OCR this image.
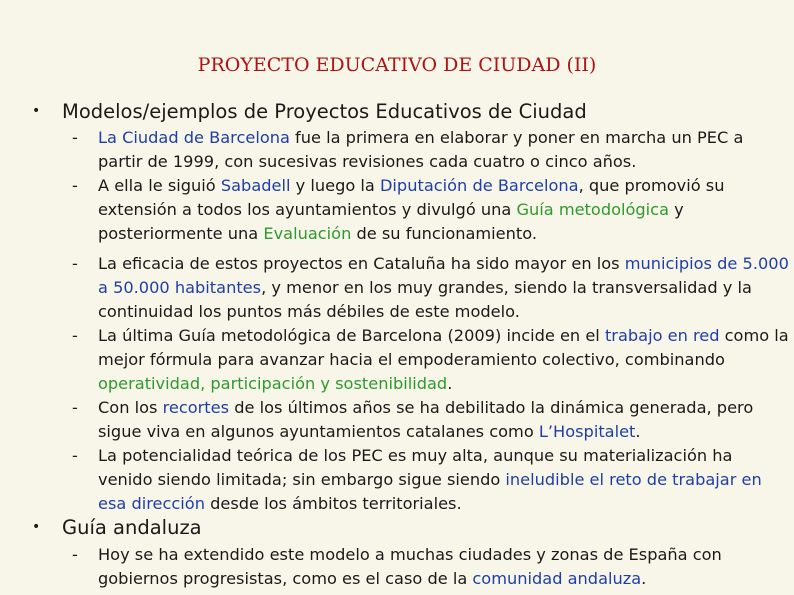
PROYECTO EDUCATIVO DE CIUDAD (II)
• Modelos/ejemplos de Proyectos Educativos de Ciudad
- La Ciudad de Barcelona fue la primera en elaborar y poner en marcha un PEC a partir de 1999, con sucesivas revisiones cada cuatro o cinco años.
- A ella le siguió Sabadell y luego la Diputación de Barcelona, que promovió su extensión a todos los ayuntamientos y divulgó una Guía metodológica y posteriormente una Evaluación de su funcionamiento.
- La eficacia de estos proyectos en Cataluña ha sido mayor en los municipios de 5.000 a 50.000 habitantes, y menor en los muy grandes, siendo la transversalidad y la continuidad los puntos más débiles de este modelo.
- La última Guía metodológica de Barcelona (2009) incide en el trabajo en red como la mejor fórmula para avanzar hacia el empoderamiento colectivo, combinando operatividad, participación y sostenibilidad.
- Con los recortes de los últimos años se ha debilitado la dinámica generada, pero sigue viva en algunos ayuntamientos catalanes como L’Hospitalet.
- La potencialidad teórica de los PEC es muy alta, aunque su materialización ha venido siendo limitada; sin embargo sigue siendo ineludible el reto de trabajar en esa dirección desde los ámbitos territoriales.
• Guía andaluza
- Hoy se ha extendido este modelo a muchas ciudades y zonas de España con gobiernos progresistas, como es el caso de la comunidad andaluza.
